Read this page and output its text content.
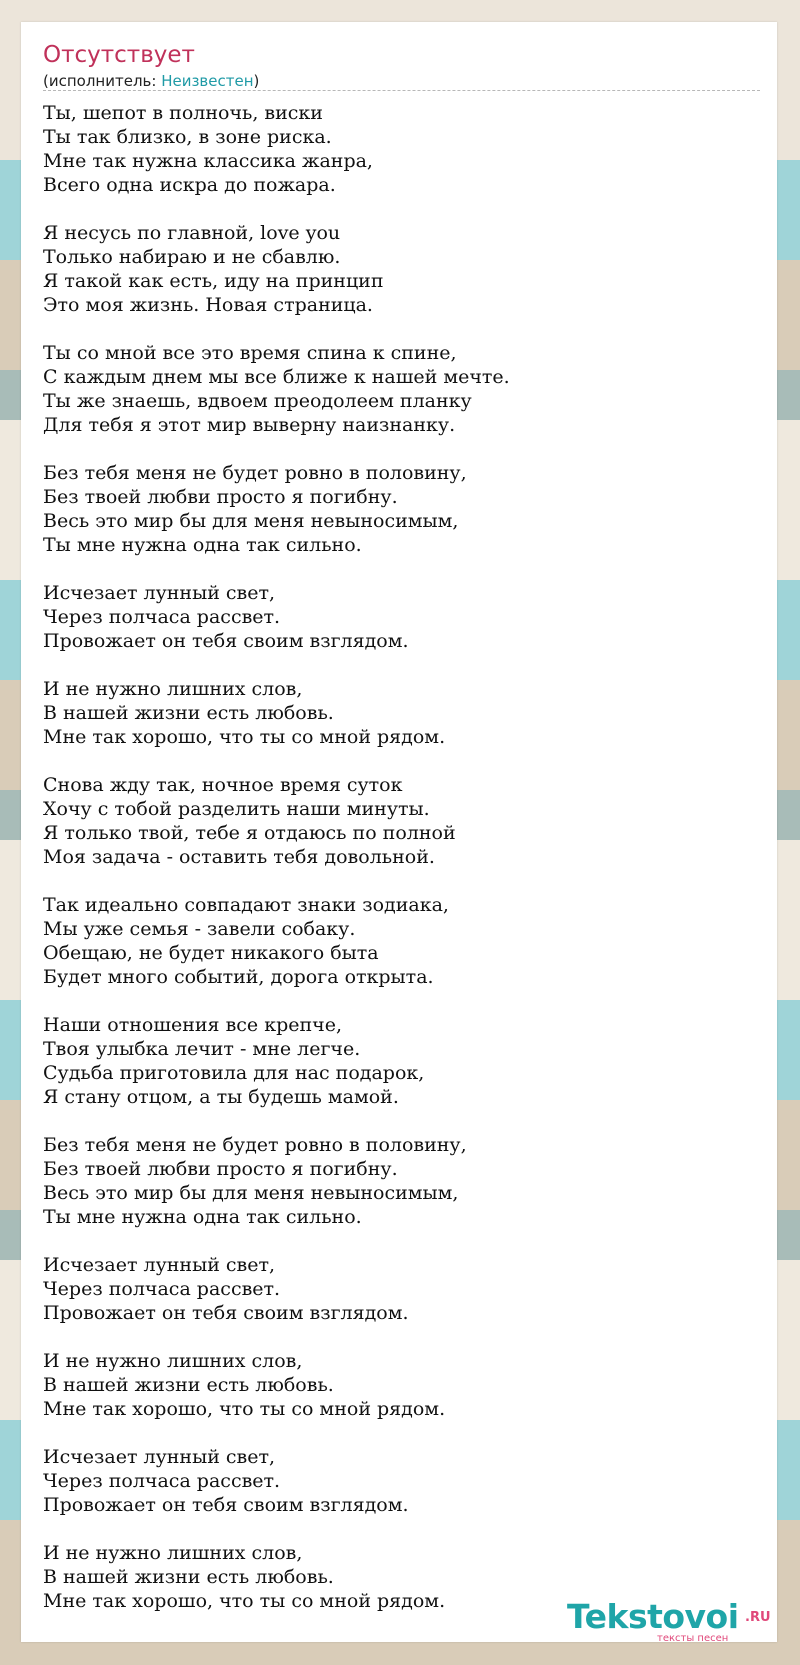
Отсутствует
(исполнитель: Неизвестен)
Ты, шепот в полночь, виски
Ты так близко, в зоне риска.
Мне так нужна классика жанра,
Всего одна искра до пожара.

Я несусь по главной, love you
Только набираю и не сбавлю.
Я такой как есть, иду на принцип
Это моя жизнь. Новая страница.

Ты со мной все это время спина к спине,
С каждым днем мы все ближе к нашей мечте.
Ты же знаешь, вдвоем преодолеем планку
Для тебя я этот мир выверну наизнанку.

Без тебя меня не будет ровно в половину,
Без твоей любви просто я погибну.
Весь это мир бы для меня невыносимым,
Ты мне нужна одна так сильно.

Исчезает лунный свет,
Через полчаса рассвет.
Провожает он тебя своим взглядом.

И не нужно лишних слов,
В нашей жизни есть любовь.
Мне так хорошо, что ты со мной рядом.

Снова жду так, ночное время суток
Хочу с тобой разделить наши минуты.
Я только твой, тебе я отдаюсь по полной
Моя задача - оставить тебя довольной.

Так идеально совпадают знаки зодиака,
Мы уже семья - завели собаку.
Обещаю, не будет никакого быта
Будет много событий, дорога открыта.

Наши отношения все крепче,
Твоя улыбка лечит - мне легче.
Судьба приготовила для нас подарок,
Я стану отцом, а ты будешь мамой.

Без тебя меня не будет ровно в половину,
Без твоей любви просто я погибну.
Весь это мир бы для меня невыносимым,
Ты мне нужна одна так сильно.

Исчезает лунный свет,
Через полчаса рассвет.
Провожает он тебя своим взглядом.

И не нужно лишних слов,
В нашей жизни есть любовь.
Мне так хорошо, что ты со мной рядом.

Исчезает лунный свет,
Через полчаса рассвет.
Провожает он тебя своим взглядом.

И не нужно лишних слов,
В нашей жизни есть любовь.
Мне так хорошо, что ты со мной рядом.	Tekstovoi .RU
тексты песен
